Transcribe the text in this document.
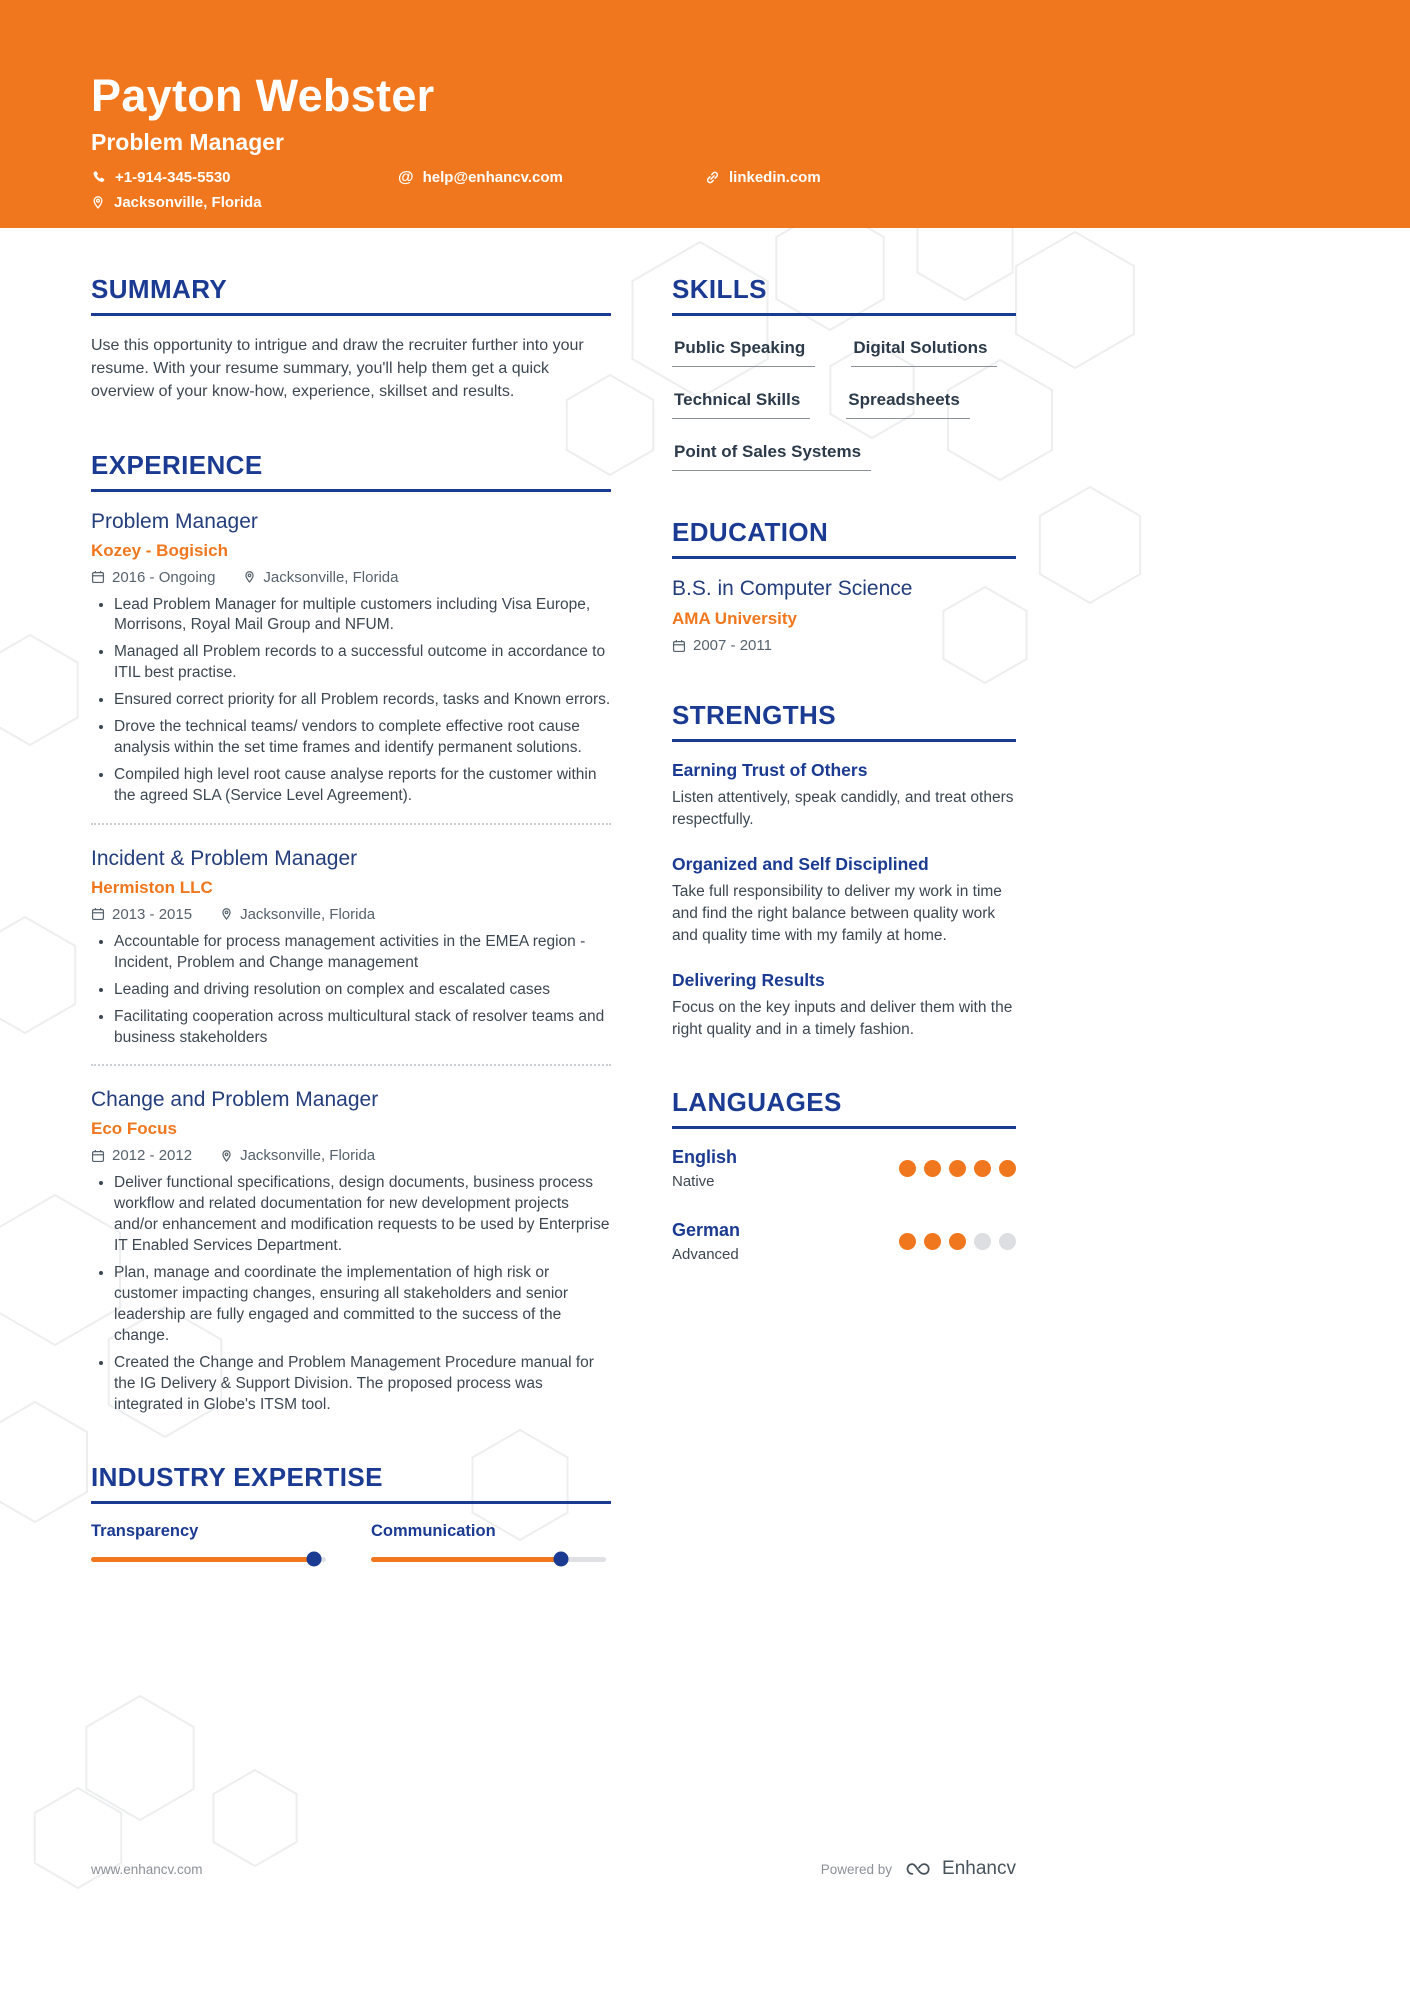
Payton Webster
Problem Manager
+1-914-345-5530	@ help@enhancv.com	linkedin.com
Jacksonville, Florida
SUMMARY

Use this opportunity to intrigue and draw the recruiter further into your resume. With your resume summary, you'll help them get a quick overview of your know-how, experience, skillset and results.

EXPERIENCE
Problem Manager
Kozey - Bogisich
2016 - Ongoing	Jacksonville, Florida
• Lead Problem Manager for multiple customers including Visa Europe, Morrisons, Royal Mail Group and NFUM.
• Managed all Problem records to a successful outcome in accordance to ITIL best practise.
• Ensured correct priority for all Problem records, tasks and Known errors.
• Drove the technical teams/ vendors to complete effective root cause analysis within the set time frames and identify permanent solutions.
• Compiled high level root cause analyse reports for the customer within the agreed SLA (Service Level Agreement).
Incident & Problem Manager
Hermiston LLC
2013 - 2015	Jacksonville, Florida
• Accountable for process management activities in the EMEA region - Incident, Problem and Change management
• Leading and driving resolution on complex and escalated cases
• Facilitating cooperation across multicultural stack of resolver teams and business stakeholders
Change and Problem Manager
Eco Focus
2012 - 2012	Jacksonville, Florida
• Deliver functional specifications, design documents, business process workflow and related documentation for new development projects and/or enhancement and modification requests to be used by Enterprise IT Enabled Services Department.
• Plan, manage and coordinate the implementation of high risk or customer impacting changes, ensuring all stakeholders and senior leadership are fully engaged and committed to the success of the change.
• Created the Change and Problem Management Procedure manual for the IG Delivery & Support Division. The proposed process was integrated in Globe's ITSM tool.
INDUSTRY EXPERTISE
Transparency	Communication
SKILLS
Public Speaking	Digital Solutions
Technical Skills	Spreadsheets
Point of Sales Systems
EDUCATION
B.S. in Computer Science
AMA University
2007 - 2011
STRENGTHS
Earning Trust of Others

Listen attentively, speak candidly, and treat others respectfully.

Organized and Self Disciplined

Take full responsibility to deliver my work in time and find the right balance between quality work and quality time with my family at home.

Delivering Results

Focus on the key inputs and deliver them with the right quality and in a timely fashion.

LANGUAGES
English
Native
German
Advanced
www.enhancv.com	Powered by	Enhancv
